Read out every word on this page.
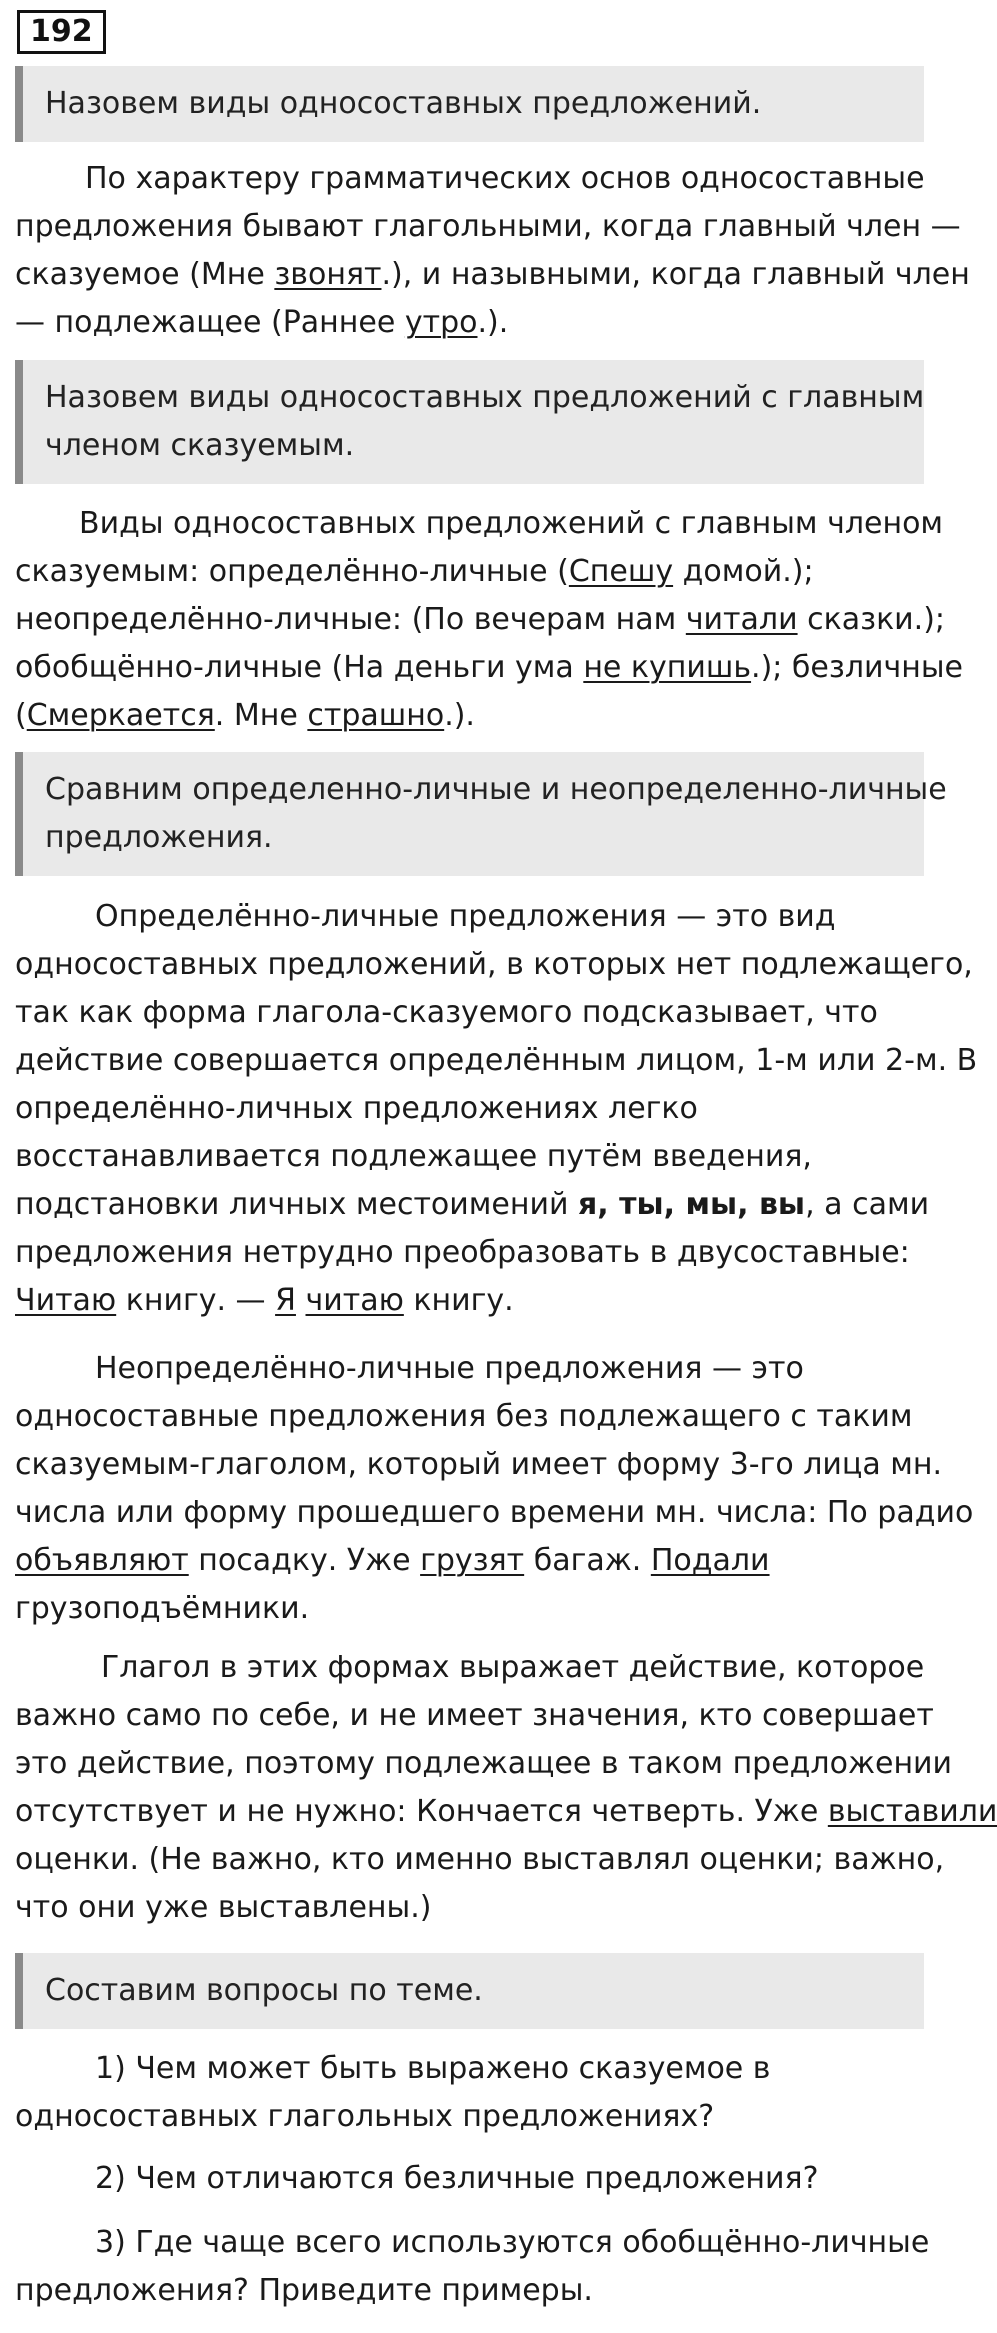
192
Назовем виды односоставных предложений.
По характеру грамматических основ односоставные
предложения бывают глагольными, когда главный член —
сказуемое (Мне звонят.), и назывными, когда главный член
— подлежащее (Раннее утро.).
Назовем виды односоставных предложений с главным
членом сказуемым.
Виды односоставных предложений с главным членом
сказуемым: определённо-личные (Спешу домой.);
неопределённо-личные: (По вечерам нам читали сказки.);
обобщённо-личные (На деньги ума не купишь.); безличные
(Смеркается. Мне страшно.).
Сравним определенно-личные и неопределенно-личные
предложения.
Определённо-личные предложения — это вид
односоставных предложений, в которых нет подлежащего,
так как форма глагола-сказуемого подсказывает, что
действие совершается определённым лицом, 1-м или 2-м. В
определённо-личных предложениях легко
восстанавливается подлежащее путём введения,
подстановки личных местоимений я, ты, мы, вы, а сами
предложения нетрудно преобразовать в двусоставные:
Читаю книгу. — Я читаю книгу.
Неопределённо-личные предложения — это
односоставные предложения без подлежащего с таким
сказуемым-глаголом, который имеет форму 3-го лица мн.
числа или форму прошедшего времени мн. числа: По радио
объявляют посадку. Уже грузят багаж. Подали
грузоподъёмники.
Глагол в этих формах выражает действие, которое
важно само по себе, и не имеет значения, кто совершает
это действие, поэтому подлежащее в таком предложении
отсутствует и не нужно: Кончается четверть. Уже выставили
оценки. (Не важно, кто именно выставлял оценки; важно,
что они уже выставлены.)
Составим вопросы по теме.
1) Чем может быть выражено сказуемое в
односоставных глагольных предложениях?
2) Чем отличаются безличные предложения?
3) Где чаще всего используются обобщённо-личные
предложения? Приведите примеры.
